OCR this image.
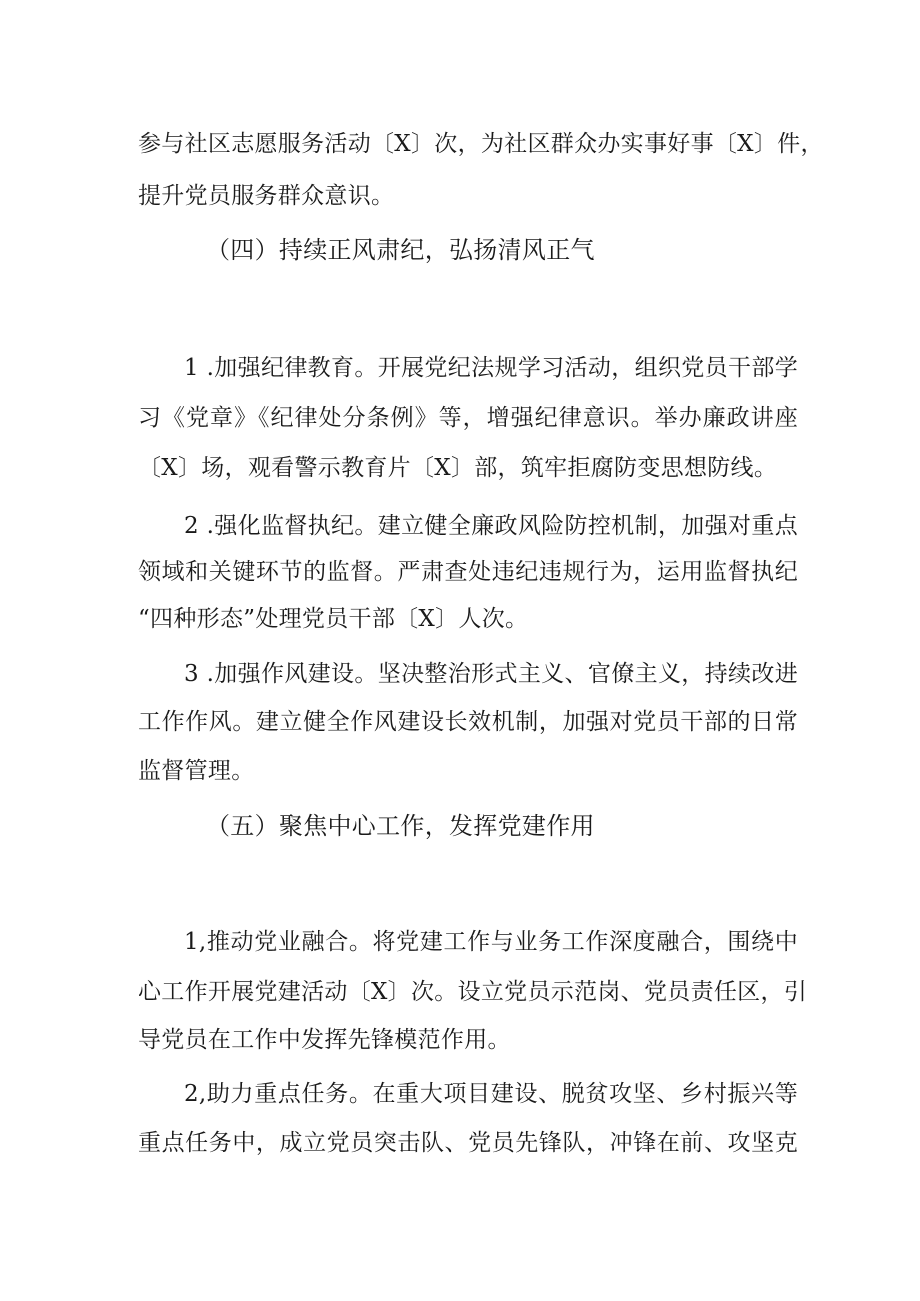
参与社区志愿服务活动〔X〕次，为社区群众办实事好事〔X〕件，
提升党员服务群众意识。
（四）持续正风肃纪，弘扬清风正气
1 .加强纪律教育。开展党纪法规学习活动，组织党员干部学
习《党章》《纪律处分条例》等，增强纪律意识。举办廉政讲座
〔X〕场，观看警示教育片〔X〕部，筑牢拒腐防变思想防线。
2 .强化监督执纪。建立健全廉政风险防控机制，加强对重点
领域和关键环节的监督。严肃查处违纪违规行为，运用监督执纪
“四种形态”处理党员干部〔X〕人次。
3 .加强作风建设。坚决整治形式主义、官僚主义，持续改进
工作作风。建立健全作风建设长效机制，加强对党员干部的日常
监督管理。
（五）聚焦中心工作，发挥党建作用
1,推动党业融合。将党建工作与业务工作深度融合，围绕中
心工作开展党建活动〔X〕次。设立党员示范岗、党员责任区，引
导党员在工作中发挥先锋模范作用。
2,助力重点任务。在重大项目建设、脱贫攻坚、乡村振兴等
重点任务中，成立党员突击队、党员先锋队，冲锋在前、攻坚克
